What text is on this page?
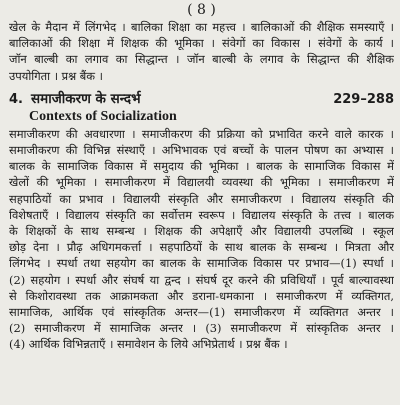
( 8 )
खेल के मैदान में लिंगभेद । बालिका शिक्षा का महत्त्व । बालिकाओं की शैक्षिक समस्याएँ ।
बालिकाओं की शिक्षा में शिक्षक की भूमिका । संवेगों का विकास । संवेगों के कार्य ।
जॉन बाल्बी का लगाव का सिद्धान्त । जॉन बाल्बी के लगाव के सिद्धान्त की शैक्षिक
उपयोगिता । प्रश्न बैंक ।
4. समाजीकरण के सन्दर्भ	229–288
Contexts of Socialization
समाजीकरण की अवधारणा । समाजीकरण की प्रक्रिया को प्रभावित करने वाले कारक ।
समाजीकरण की विभिन्न संस्थाएँ । अभिभावक एवं बच्चों के पालन पोषण का अभ्यास ।
बालक के सामाजिक विकास में समुदाय की भूमिका । बालक के सामाजिक विकास में
खेलों की भूमिका । समाजीकरण में विद्यालयी व्यवस्था की भूमिका । समाजीकरण में
सहपाठियों का प्रभाव । विद्यालयी संस्कृति और समाजीकरण । विद्यालय संस्कृति की
विशेषताएँ । विद्यालय संस्कृति का सर्वोत्तम स्वरूप । विद्यालय संस्कृति के तत्त्व । बालक
के शिक्षकों के साथ सम्बन्ध । शिक्षक की अपेक्षाएँ और विद्यालयी उपलब्धि । स्कूल
छोड़ देना । प्रौढ़ अधिगमकर्त्ता । सहपाठियों के साथ बालक के सम्बन्ध । मित्रता और
लिंगभेद । स्पर्धा तथा सहयोग का बालक के सामाजिक विकास पर प्रभाव—(1) स्पर्धा ।
(2) सहयोग । स्पर्धा और संघर्ष या द्वन्द । संघर्ष दूर करने की प्रविधियाँ । पूर्व बाल्यावस्था
से किशोरावस्था तक आक्रामकता और डराना-धमकाना । समाजीकरण में व्यक्तिगत,
सामाजिक, आर्थिक एवं सांस्कृतिक अन्तर—(1) समाजीकरण में व्यक्तिगत अन्तर ।
(2) समाजीकरण में सामाजिक अन्तर । (3) समाजीकरण में सांस्कृतिक अन्तर ।
(4) आर्थिक विभिन्नताएँ । समावेशन के लिये अभिप्रेतार्थ । प्रश्न बैंक ।
